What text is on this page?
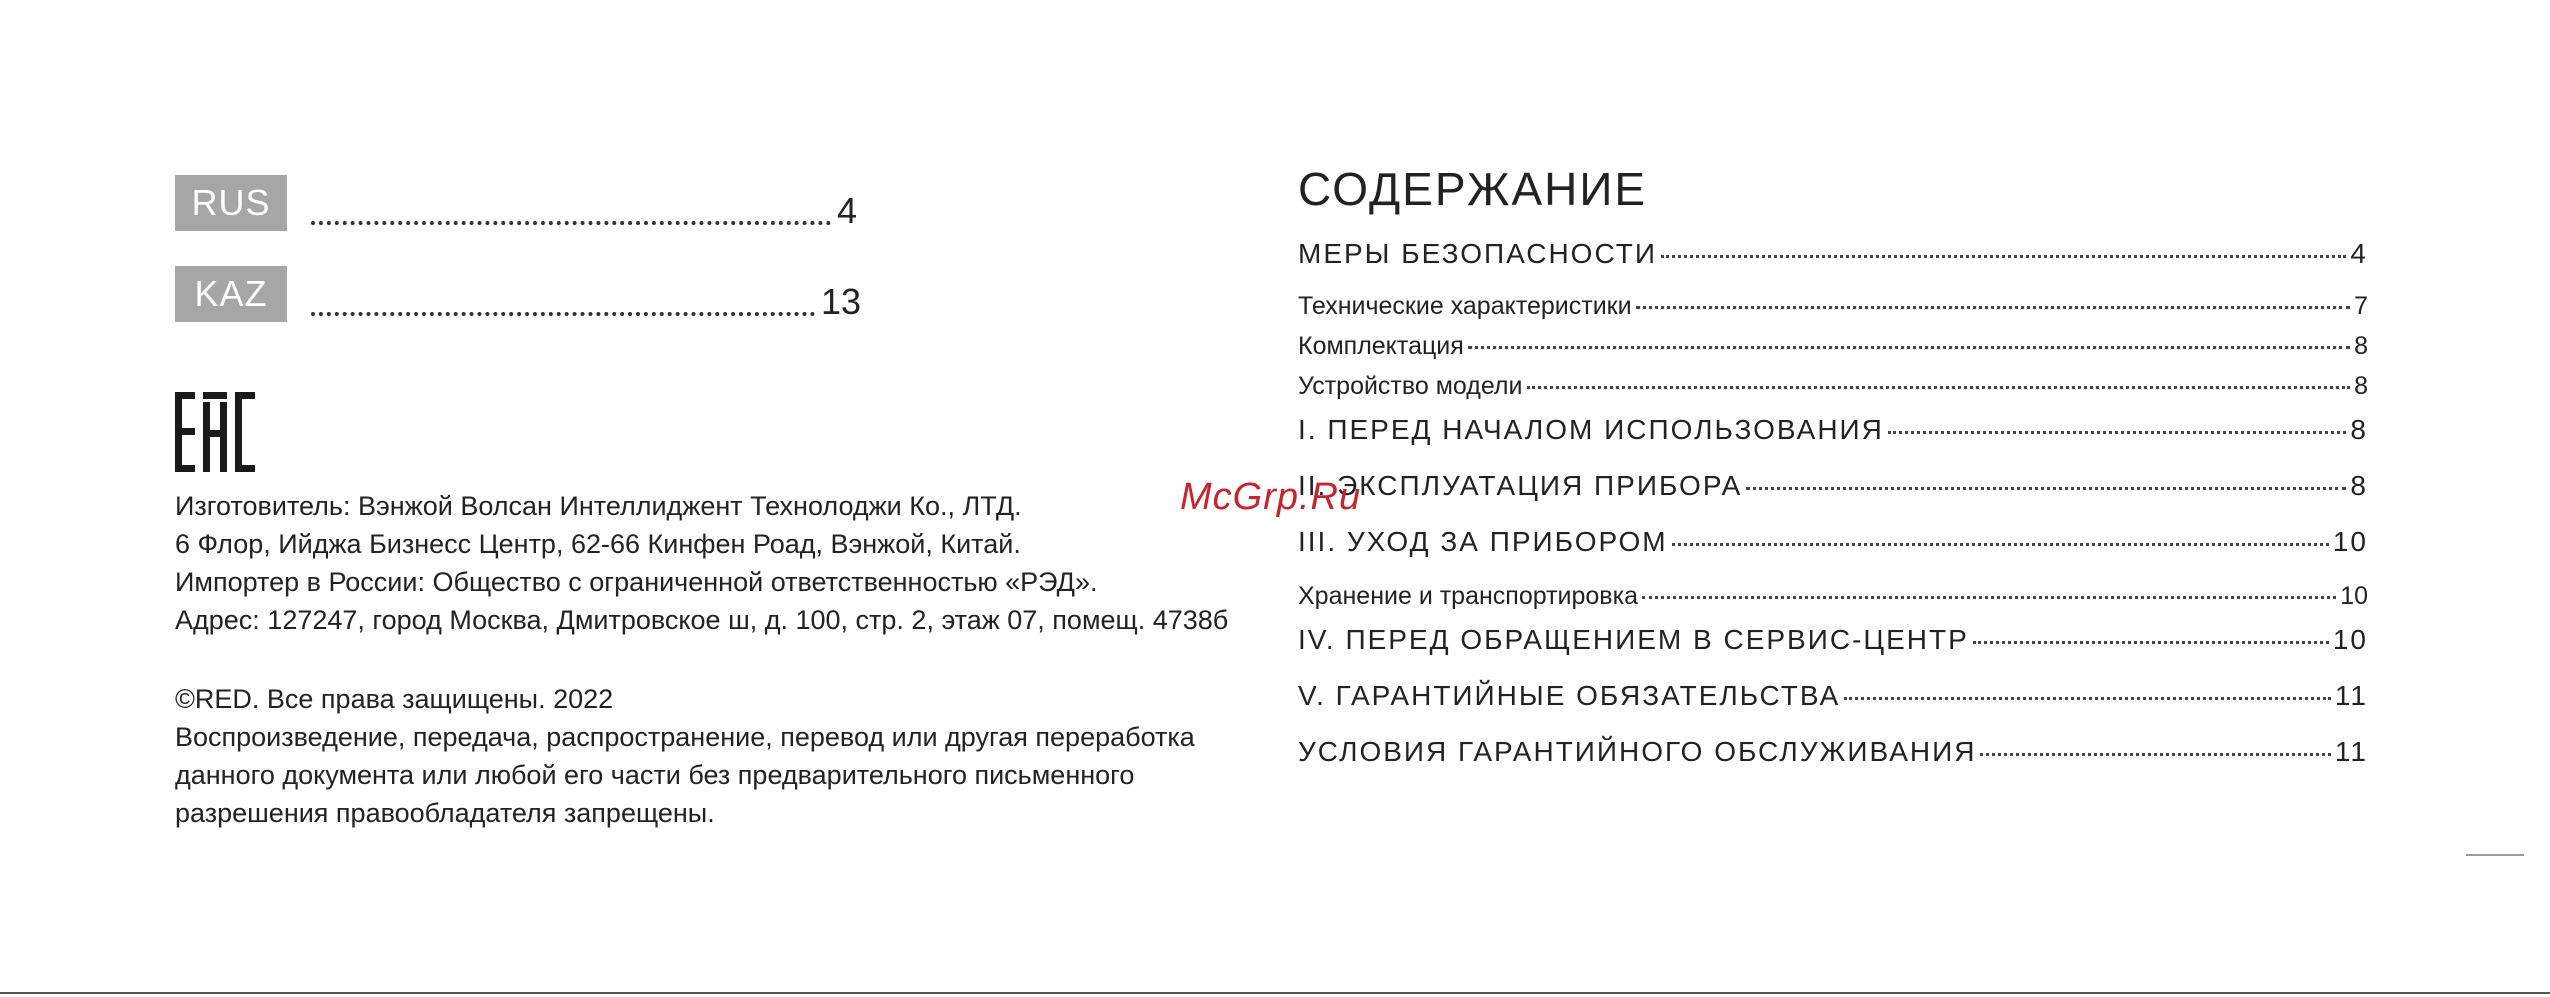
RUS	4
KAZ	13
Изготовитель: Вэнжой Волсан Интеллиджент Технолоджи Ко., ЛТД.
6 Флор, Ийджа Бизнесс Центр, 62-66 Кинфен Роад, Вэнжой, Китай.
Импортер в России: Общество с ограниченной ответственностью «РЭД».
Адрес: 127247, город Москва, Дмитровское ш, д. 100, стр. 2, этаж 07, помещ. 4738б
©RED. Все права защищены. 2022
Воспроизведение, передача, распространение, перевод или другая переработка
данного документа или любой его части без предварительного письменного
разрешения правообладателя запрещены.
СОДЕРЖАНИЕ
МЕРЫ БЕЗОПАСНОСТИ	4
Технические характеристики	7
Комплектация	8
Устройство модели	8
I. ПЕРЕД НАЧАЛОМ ИСПОЛЬЗОВАНИЯ	8
II. ЭКСПЛУАТАЦИЯ ПРИБОРА	8
III. УХОД ЗА ПРИБОРОМ	10
Хранение и транспортировка	10
IV. ПЕРЕД ОБРАЩЕНИЕМ В СЕРВИС-ЦЕНТР	10
V. ГАРАНТИЙНЫЕ ОБЯЗАТЕЛЬСТВА	11
УСЛОВИЯ ГАРАНТИЙНОГО ОБСЛУЖИВАНИЯ	11
McGrp.Ru
